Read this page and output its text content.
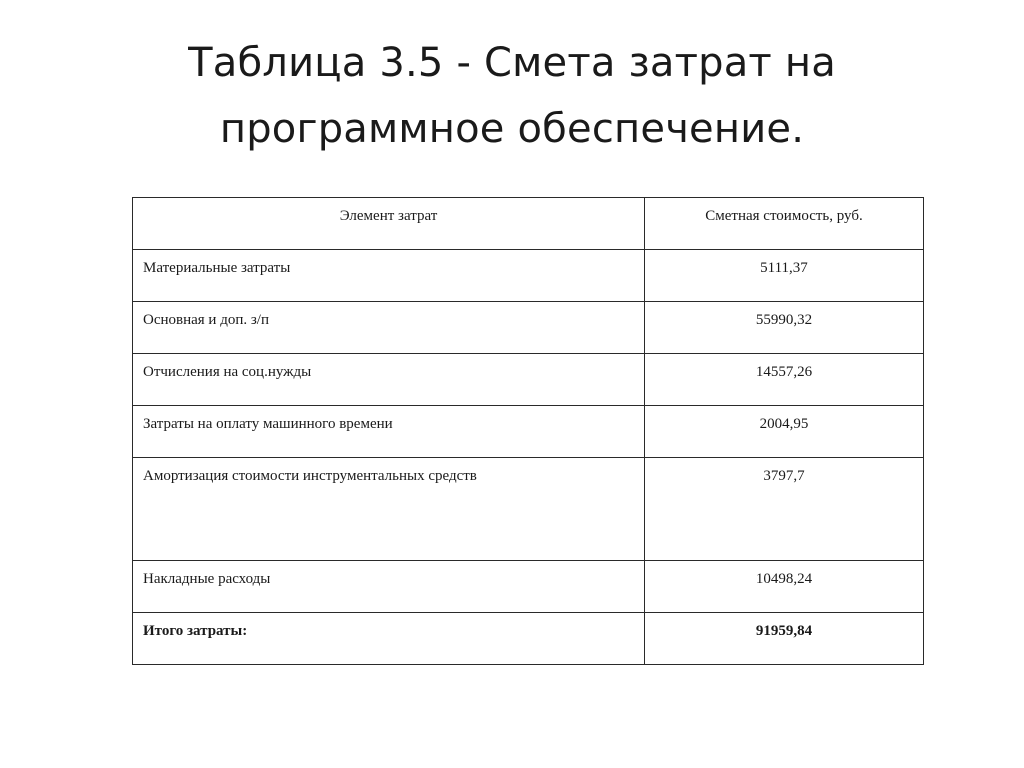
Таблица 3.5 - Смета затрат на
программное обеспечение.
Элемент затрат	Сметная стоимость, руб.
Материальные затраты	5111,37
Основная и доп. з/п	55990,32
Отчисления на соц.нужды	14557,26
Затраты на оплату машинного времени	2004,95
Амортизация стоимости инструментальных средств	3797,7
Накладные расходы	10498,24
Итого затраты:	91959,84
